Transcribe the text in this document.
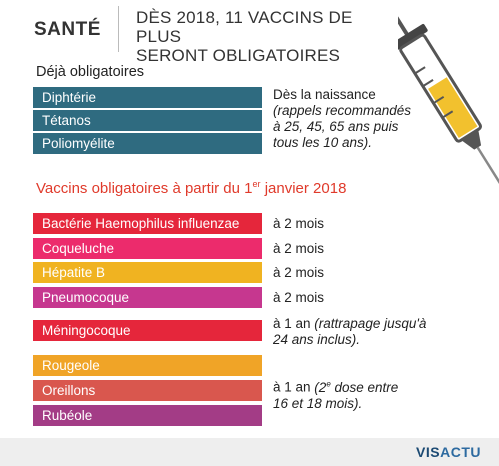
SANTÉ
DÈS 2018, 11 VACCINS DE PLUS
SERONT OBLIGATOIRES
Déjà obligatoires
Diphtérie
Tétanos
Poliomyélite
Dès la naissance
(rappels recommandés
à 25, 45, 65 ans puis
tous les 10 ans).
Vaccins obligatoires à partir du 1er janvier 2018
Bactérie Haemophilus influenzae	à 2 mois
Coqueluche	à 2 mois
Hépatite B	à 2 mois
Pneumocoque	à 2 mois
Méningocoque	à 1 an (rattrapage jusqu'à
24 ans inclus).
Rougeole
Oreillons
Rubéole
à 1 an (2e dose entre
16 et 18 mois).
VISACTU
